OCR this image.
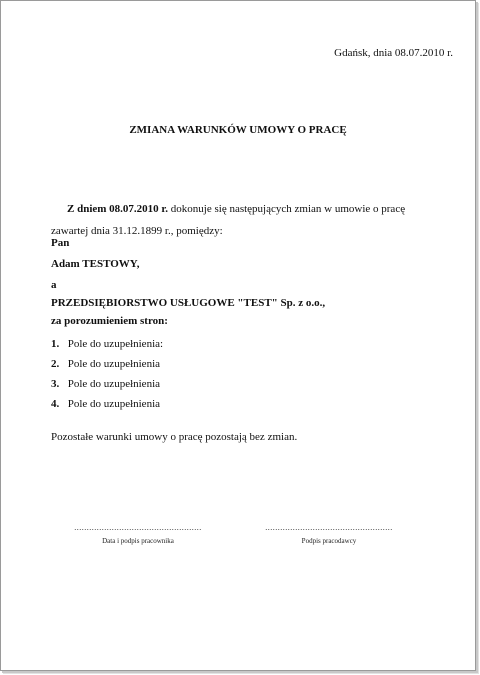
Gdańsk, dnia 08.07.2010 r.
ZMIANA WARUNKÓW UMOWY O PRACĘ
Z dniem 08.07.2010 r. dokonuje się następujących zmian w umowie o pracę
zawartej dnia 31.12.1899 r., pomiędzy:
Pan
Adam TESTOWY,
a
PRZEDSIĘBIORSTWO USŁUGOWE "TEST" Sp. z o.o.,
za porozumieniem stron:
1. Pole do uzupełnienia:
2. Pole do uzupełnienia
3. Pole do uzupełnienia
4. Pole do uzupełnienia
Pozostałe warunki umowy o pracę pozostają bez zmian.
...................................................
Data i podpis pracownika
...................................................
Podpis pracodawcy
